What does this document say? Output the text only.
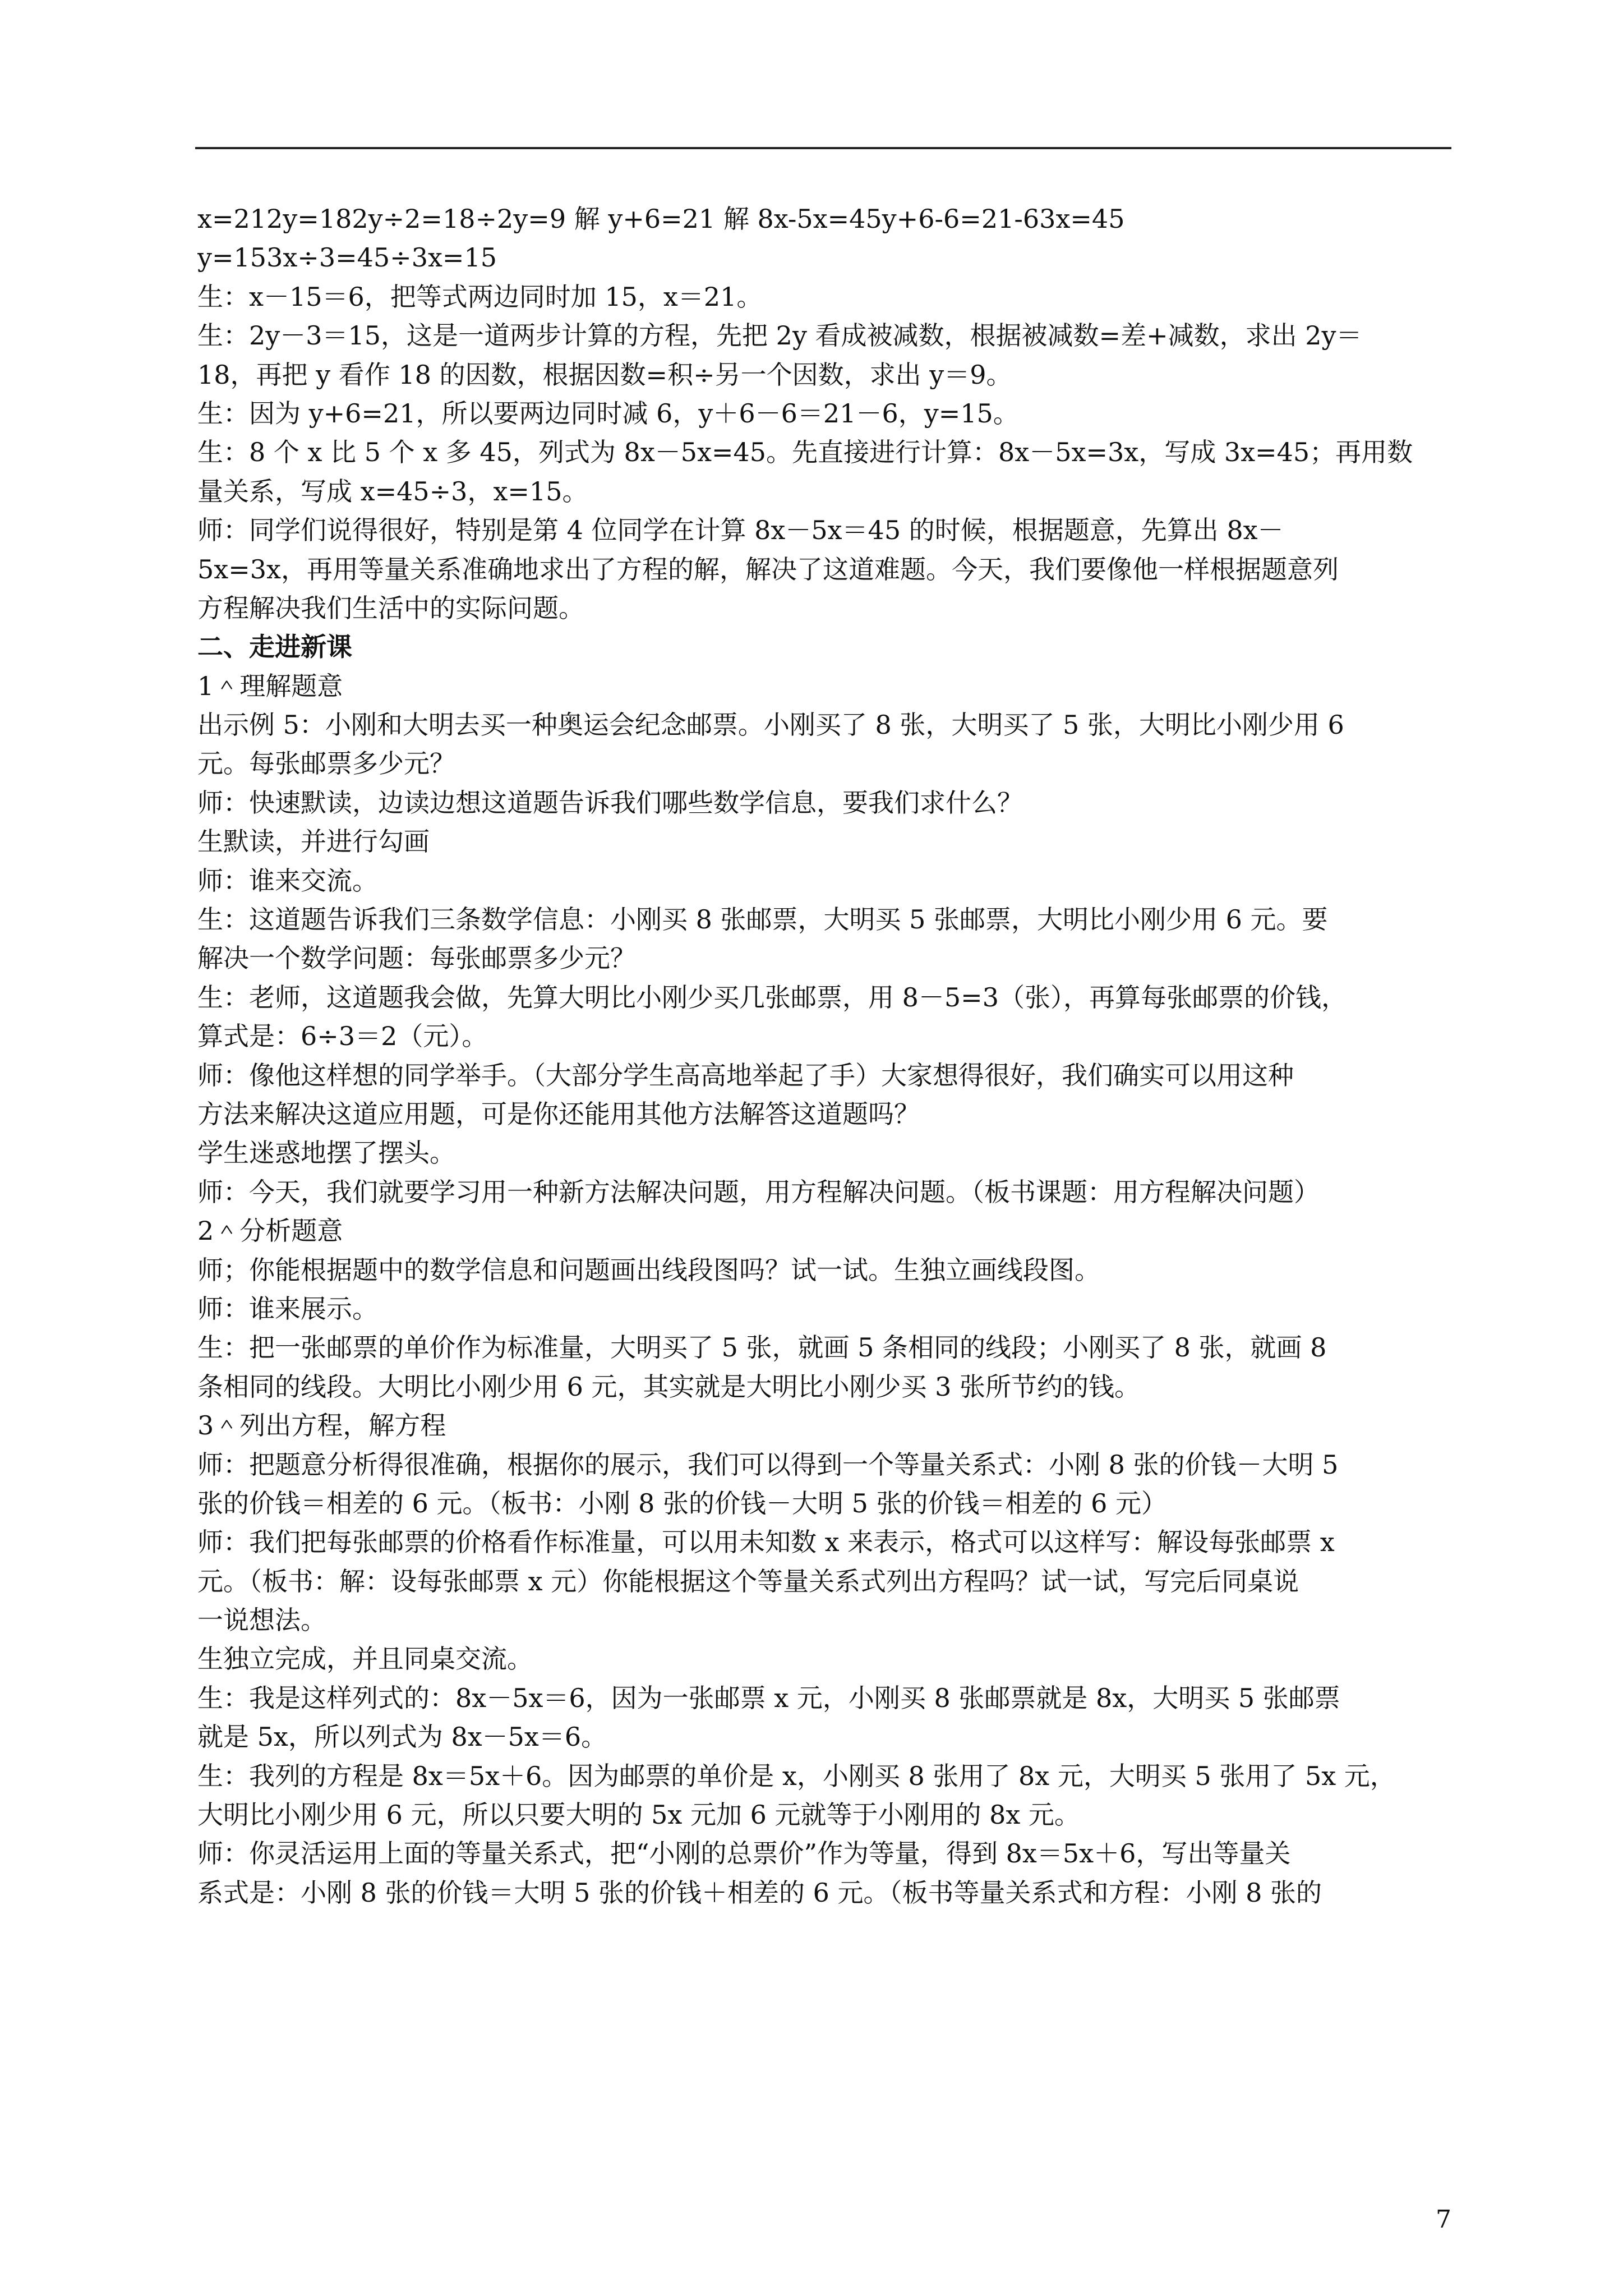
x=212y=182y÷2=18÷2y=9 解 y+6=21 解 8x-5x=45y+6-6=21-63x=45
y=153x÷3=45÷3x=15
生：x－15＝6，把等式两边同时加 15，x＝21。
生：2y－3＝15，这是一道两步计算的方程，先把 2y 看成被减数，根据被减数=差+减数，求出 2y＝
18，再把 y 看作 18 的因数，根据因数=积÷另一个因数，求出 y＝9。
生：因为 y+6=21，所以要两边同时减 6，y＋6－6＝21－6，y=15。
生：8 个 x 比 5 个 x 多 45，列式为 8x－5x=45。先直接进行计算：8x－5x=3x，写成 3x=45；再用数
量关系，写成 x=45÷3，x=15。
师：同学们说得很好，特别是第 4 位同学在计算 8x－5x＝45 的时候，根据题意，先算出 8x－
5x=3x，再用等量关系准确地求出了方程的解，解决了这道难题。今天，我们要像他一样根据题意列
方程解决我们生活中的实际问题。
二、走进新课
1＾理解题意
出示例 5：小刚和大明去买一种奥运会纪念邮票。小刚买了 8 张，大明买了 5 张，大明比小刚少用 6
元。每张邮票多少元？
师：快速默读，边读边想这道题告诉我们哪些数学信息，要我们求什么？
生默读，并进行勾画
师：谁来交流。
生：这道题告诉我们三条数学信息：小刚买 8 张邮票，大明买 5 张邮票，大明比小刚少用 6 元。要
解决一个数学问题：每张邮票多少元？
生：老师，这道题我会做，先算大明比小刚少买几张邮票，用 8－5=3（张），再算每张邮票的价钱，
算式是：6÷3＝2（元）。
师：像他这样想的同学举手。（大部分学生高高地举起了手）大家想得很好，我们确实可以用这种
方法来解决这道应用题，可是你还能用其他方法解答这道题吗？
学生迷惑地摆了摆头。
师：今天，我们就要学习用一种新方法解决问题，用方程解决问题。（板书课题：用方程解决问题）
2＾分析题意
师；你能根据题中的数学信息和问题画出线段图吗？试一试。生独立画线段图。
师：谁来展示。
生：把一张邮票的单价作为标准量，大明买了 5 张，就画 5 条相同的线段；小刚买了 8 张，就画 8
条相同的线段。大明比小刚少用 6 元，其实就是大明比小刚少买 3 张所节约的钱。
3＾列出方程，解方程
师：把题意分析得很准确，根据你的展示，我们可以得到一个等量关系式：小刚 8 张的价钱－大明 5
张的价钱＝相差的 6 元。（板书：小刚 8 张的价钱－大明 5 张的价钱＝相差的 6 元）
师：我们把每张邮票的价格看作标准量，可以用未知数 x 来表示，格式可以这样写：解设每张邮票 x
元。（板书：解：设每张邮票 x 元）你能根据这个等量关系式列出方程吗？试一试，写完后同桌说
一说想法。
生独立完成，并且同桌交流。
生：我是这样列式的：8x－5x＝6，因为一张邮票 x 元，小刚买 8 张邮票就是 8x，大明买 5 张邮票
就是 5x，所以列式为 8x－5x＝6。
生：我列的方程是 8x＝5x＋6。因为邮票的单价是 x，小刚买 8 张用了 8x 元，大明买 5 张用了 5x 元，
大明比小刚少用 6 元，所以只要大明的 5x 元加 6 元就等于小刚用的 8x 元。
师：你灵活运用上面的等量关系式，把“小刚的总票价”作为等量，得到 8x＝5x＋6，写出等量关
系式是：小刚 8 张的价钱＝大明 5 张的价钱＋相差的 6 元。（板书等量关系式和方程：小刚 8 张的
7
